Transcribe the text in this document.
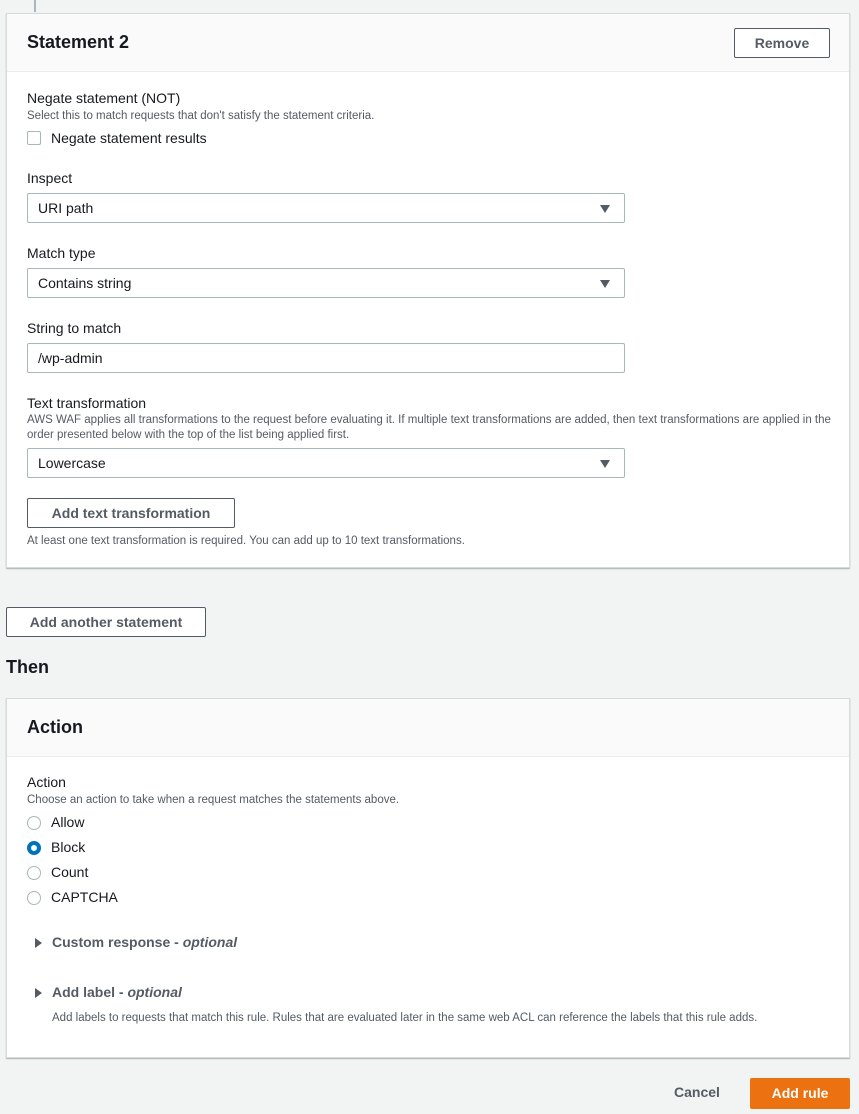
Statement 2	Remove
Negate statement (NOT)
Select this to match requests that don't satisfy the statement criteria.
Negate statement results
Inspect
URI path
Match type
Contains string
String to match
/wp-admin
Text transformation
AWS WAF applies all transformations to the request before evaluating it. If multiple text transformations are added, then text transformations are applied in the order presented below with the top of the list being applied first.
Lowercase
Add text transformation
At least one text transformation is required. You can add up to 10 text transformations.
Add another statement
Then
Action
Action
Choose an action to take when a request matches the statements above.
Allow
Block
Count
CAPTCHA
Custom response - optional
Add label - optional
Add labels to requests that match this rule. Rules that are evaluated later in the same web ACL can reference the labels that this rule adds.
Cancel	Add rule
